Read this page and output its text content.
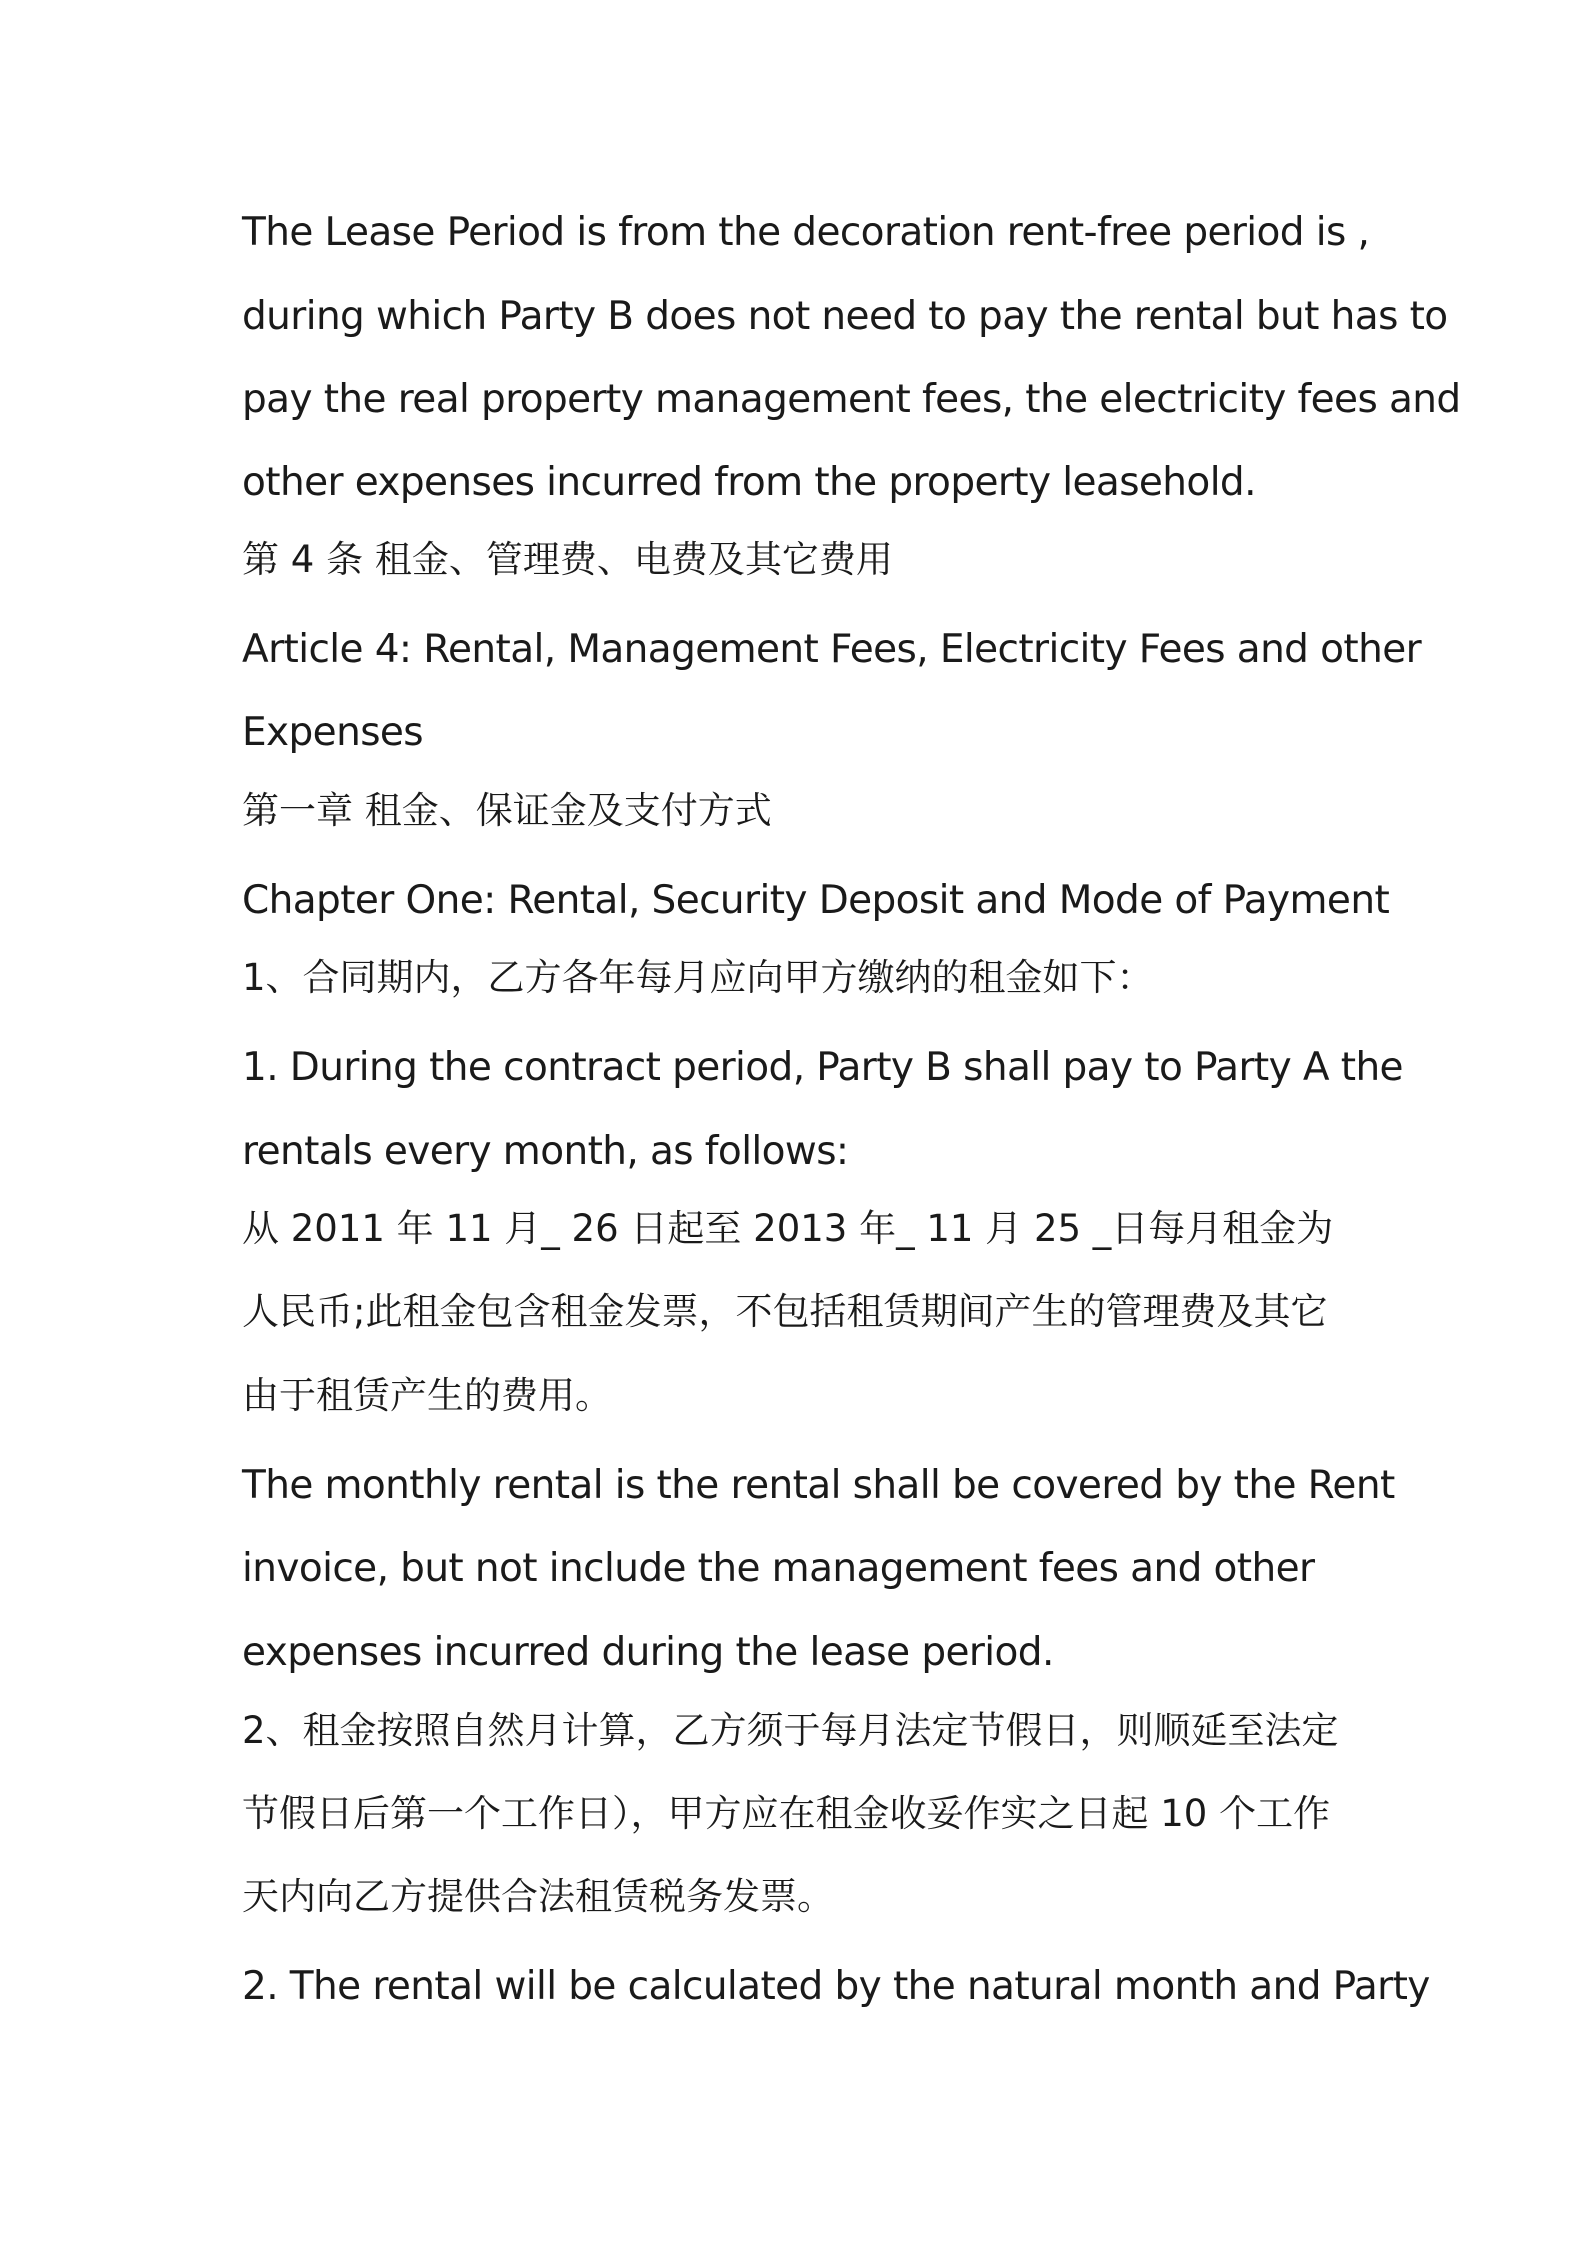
The Lease Period is from the decoration rent-free period is ,

during which Party B does not need to pay the rental but has to

pay the real property management fees, the electricity fees and

other expenses incurred from the property leasehold.

第 4 条 租金、管理费、电费及其它费用

Article 4: Rental, Management Fees, Electricity Fees and other

Expenses

第一章 租金、保证金及支付方式

Chapter One: Rental, Security Deposit and Mode of Payment

1、合同期内，乙方各年每月应向甲方缴纳的租金如下：

1. During the contract period, Party B shall pay to Party A the

rentals every month, as follows:

从 2011 年 11 月_ 26 日起至 2013 年_ 11 月 25 _日每月租金为

人民币;此租金包含租金发票，不包括租赁期间产生的管理费及其它

由于租赁产生的费用。

The monthly rental is the rental shall be covered by the Rent

invoice, but not include the management fees and other

expenses incurred during the lease period.

2、租金按照自然月计算，乙方须于每月法定节假日，则顺延至法定

节假日后第一个工作日），甲方应在租金收妥作实之日起 10 个工作

天内向乙方提供合法租赁税务发票。

2. The rental will be calculated by the natural month and Party
